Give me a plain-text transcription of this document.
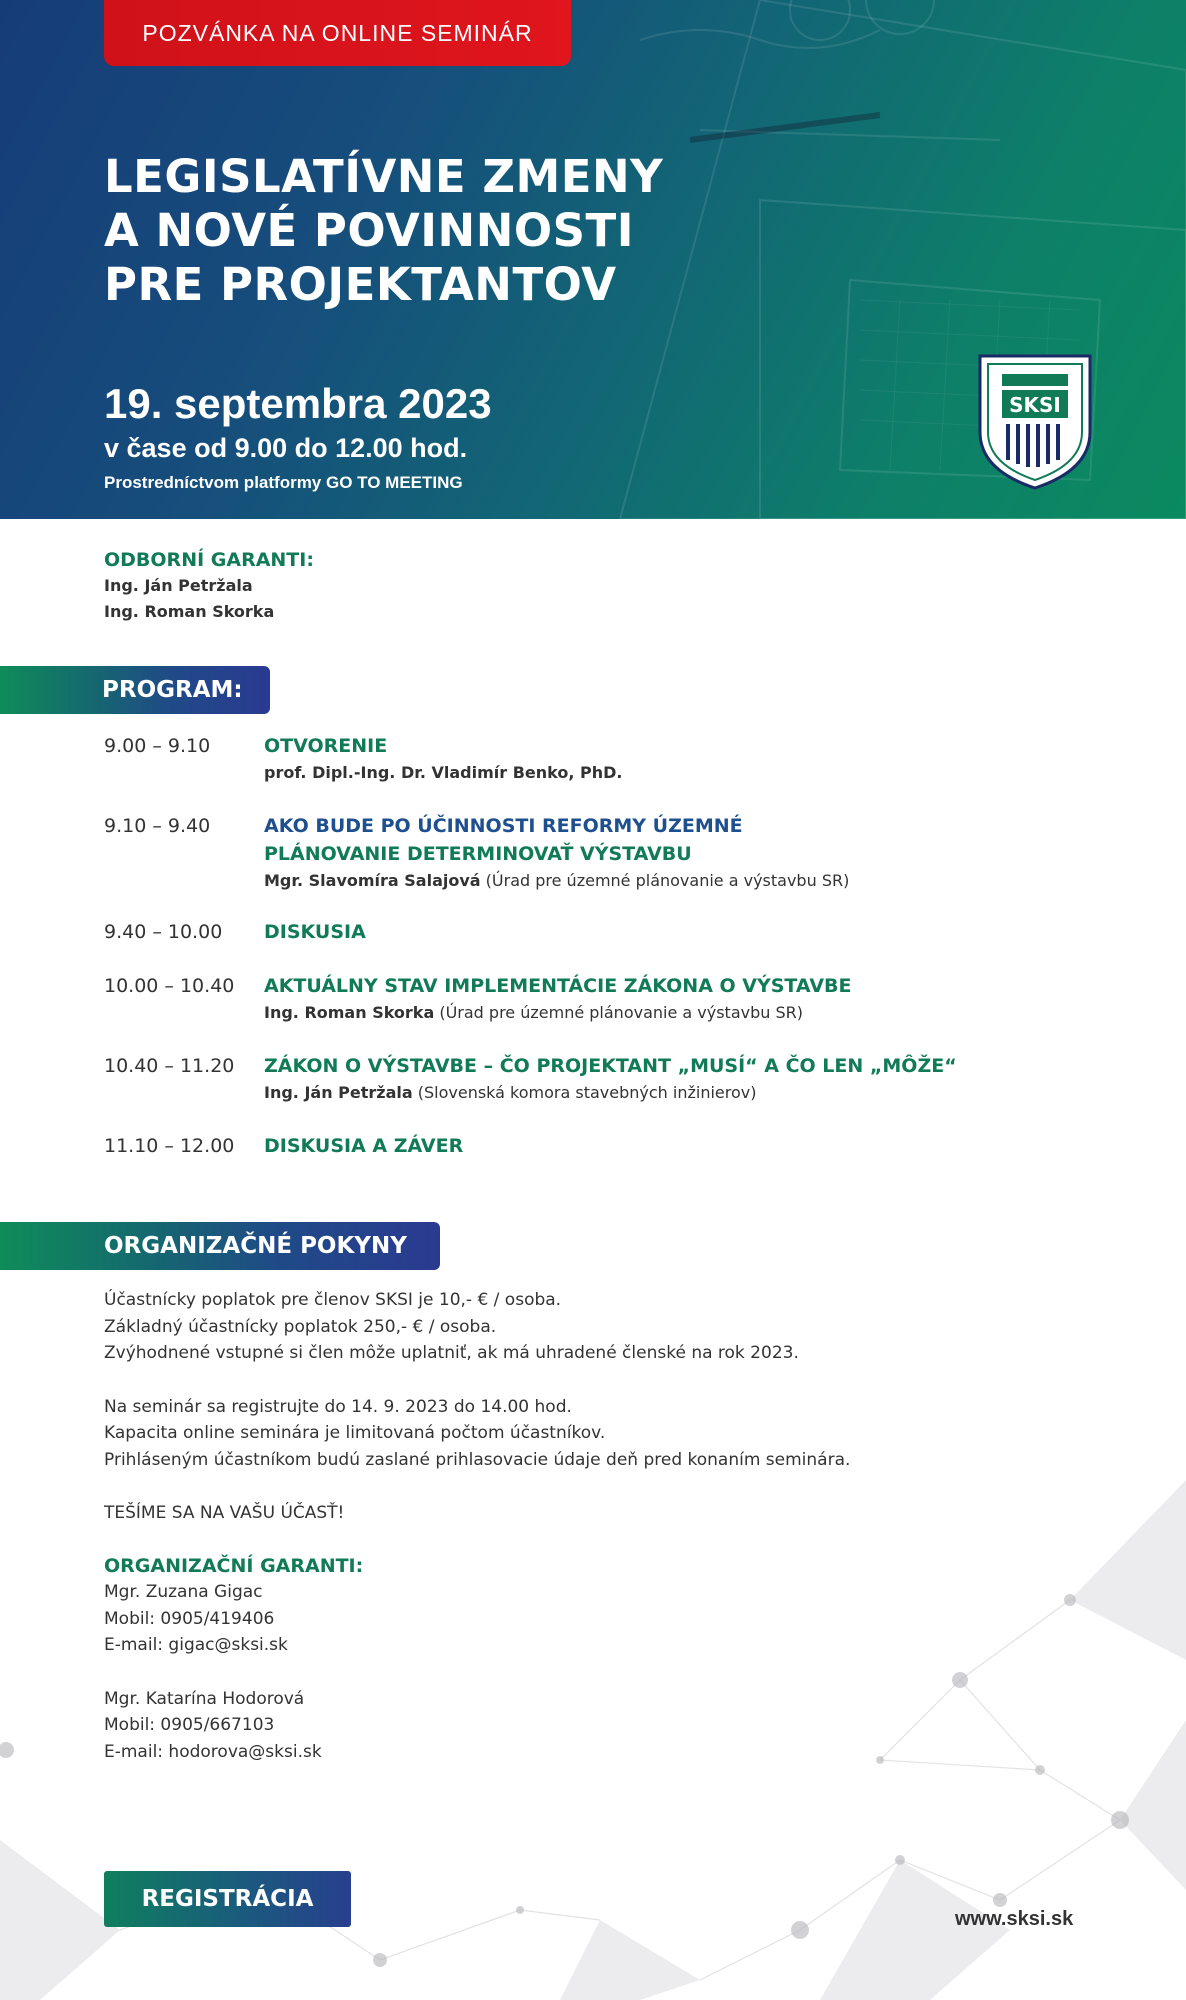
POZVÁNKA NA ONLINE SEMINÁR
LEGISLATÍVNE ZMENY
A NOVÉ POVINNOSTI
PRE PROJEKTANTOV
19. septembra 2023
v čase od 9.00 do 12.00 hod.
Prostredníctvom platformy GO TO MEETING
SKSI
ODBORNÍ GARANTI:
Ing. Ján Petržala
Ing. Roman Skorka
PROGRAM:
9.00 – 9.10	OTVORENIE
prof. Dipl.-Ing. Dr. Vladimír Benko, PhD.
9.10 – 9.40	AKO BUDE PO ÚČINNOSTI REFORMY ÚZEMNÉ
PLÁNOVANIE DETERMINOVAŤ VÝSTAVBU
Mgr. Slavomíra Salajová (Úrad pre územné plánovanie a výstavbu SR)
9.40 – 10.00 DISKUSIA
10.00 – 10.40 AKTUÁLNY STAV IMPLEMENTÁCIE ZÁKONA O VÝSTAVBE
Ing. Roman Skorka (Úrad pre územné plánovanie a výstavbu SR)
10.40 – 11.20 ZÁKON O VÝSTAVBE – ČO PROJEKTANT „MUSÍ“ A ČO LEN „MÔŽE“
Ing. Ján Petržala (Slovenská komora stavebných inžinierov)
11.10 – 12.00 DISKUSIA A ZÁVER
ORGANIZAČNÉ POKYNY
Účastnícky poplatok pre členov SKSI je 10,- € / osoba.
Základný účastnícky poplatok 250,- € / osoba.
Zvýhodnené vstupné si člen môže uplatniť, ak má uhradené členské na rok 2023.
Na seminár sa registrujte do 14. 9. 2023 do 14.00 hod.
Kapacita online seminára je limitovaná počtom účastníkov.
Prihláseným účastníkom budú zaslané prihlasovacie údaje deň pred konaním seminára.
TEŠÍME SA NA VAŠU ÚČASŤ!
ORGANIZAČNÍ GARANTI:
Mgr. Zuzana Gigac
Mobil: 0905/419406
E-mail: gigac@sksi.sk
Mgr. Katarína Hodorová
Mobil: 0905/667103
E-mail: hodorova@sksi.sk
REGISTRÁCIA
www.sksi.sk
